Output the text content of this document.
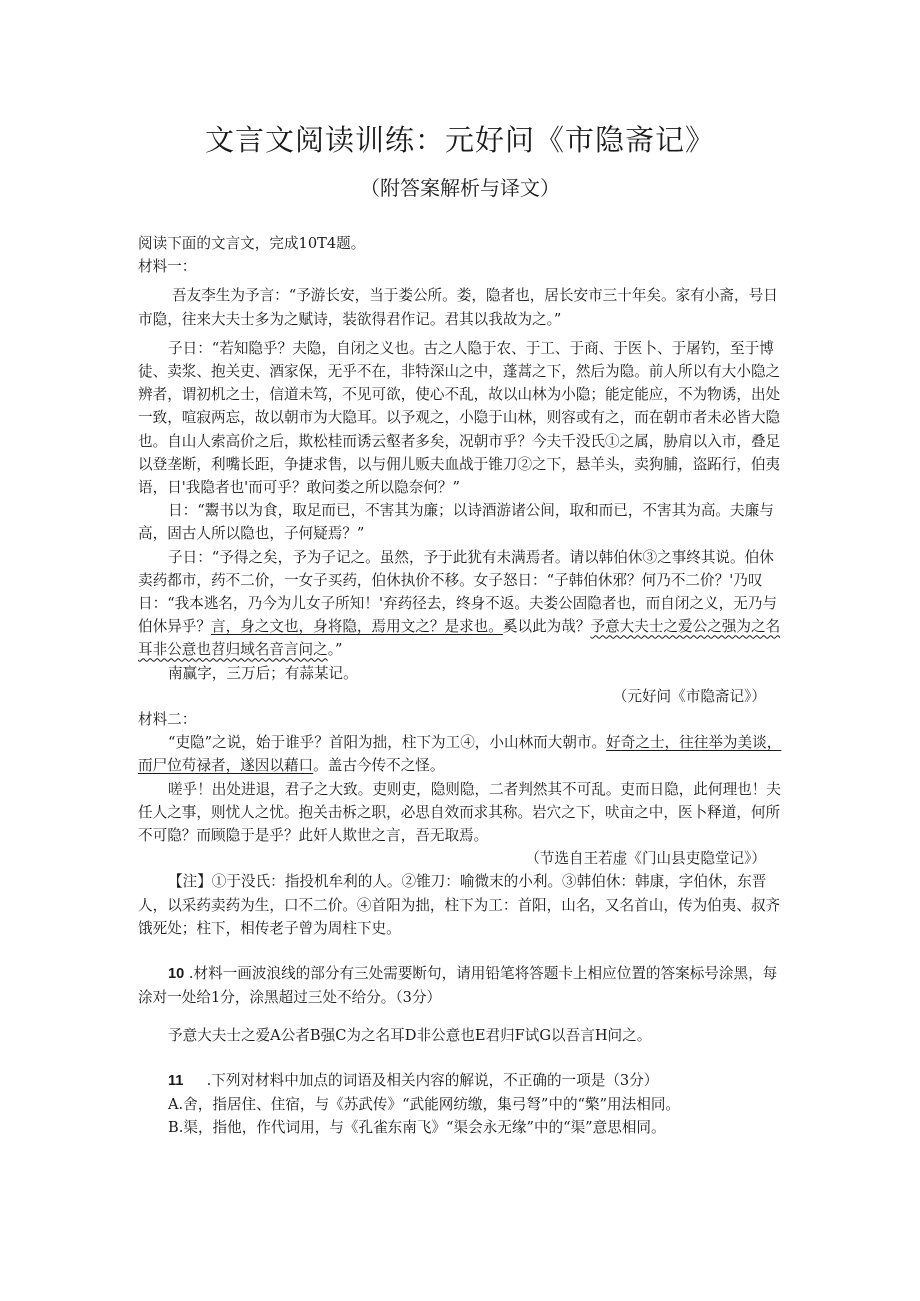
文言文阅读训练：元好问《市隐斋记》
（附答案解析与译文）

阅读下面的文言文，完成10T4题。

材料一：

吾友李生为予言：“予游长安，当于娄公所。娄，隐者也，居长安市三十年矣。家有小斋，号日市隐，往来大夫士多为之赋诗，装欲得君作记。君其以我故为之。”

子日：“若知隐乎？夫隐，自闭之义也。古之人隐于农、于工、于商、于医卜、于屠钓，至于博徒、卖浆、抱关吏、酒家保，无乎不在，非特深山之中，蓬蒿之下，然后为隐。前人所以有大小隐之辨者，谓初机之士，信道未笃，不见可欲，使心不乱，故以山林为小隐；能定能应，不为物诱，出处一致，喧寂两忘，故以朝市为大隐耳。以予观之，小隐于山林，则容或有之，而在朝市者未必皆大隐也。自山人索高价之后，欺松桂而诱云壑者多矣，况朝市乎？今夫千没氏①之属，胁肩以入市，叠足以登垄断，利嘴长距，争捷求售，以与佣儿贩夫血战于锥刀②之下，悬羊头，卖狗脯，盗跖行，伯夷语，日'我隐者也'而可乎？敢问娄之所以隐奈何？”

日：“鬻书以为食，取足而已，不害其为廉；以诗酒游诸公间，取和而已，不害其为高。夫廉与高，固古人所以隐也，子何疑焉？”

子日：“予得之矣，予为子记之。虽然，予于此犹有未满焉者。请以韩伯休③之事终其说。伯休卖药都市，药不二价，一女子买药，伯休执价不移。女子怒日：“子韩伯休邪？何乃不二价？'乃叹日：“我本逃名，乃今为儿女子所知！'弃药径去，终身不返。夫娄公固隐者也，而自闭之义，无乃与伯休异乎？言，身之文也，身将隐，焉用文之？是求也。奚以此为哉？予意大夫士之爱公之强为之名耳非公意也苕归域名音言问之。”

南赢字，三万后；有蒜某记。

（元好问《市隐斋记》）

材料二：

“吏隐”之说，始于谁乎？首阳为拙，柱下为工④，小山林而大朝市。好奇之士，往往举为美谈，而尸位苟禄者，遂因以藉口。盖古今传不之怪。

嗟乎！出处进退，君子之大致。吏则吏，隐则隐，二者判然其不可乱。吏而日隐，此何理也！夫任人之事，则忧人之忧。抱关击柝之职，必思自效而求其称。岩穴之下，吠亩之中，医卜释道，何所不可隐？而顾隐于是乎？此奸人欺世之言，吾无取焉。

（节选自王若虚《门山县吏隐堂记》）

【注】①于没氏：指投机牟利的人。②锥刀：喻微末的小利。③韩伯休：韩康，字伯休，东晋人，以采药卖药为生，口不二价。④首阳为拙，柱下为工：首阳，山名，又名首山，传为伯夷、叔齐饿死处；柱下，相传老子曾为周柱下史。

10 .材料一画波浪线的部分有三处需要断句，请用铅笔将答题卡上相应位置的答案标号涂黑，每涂对一处给1分，涂黑超过三处不给分。（3分）

予意大夫士之爱A公者B强C为之名耳D非公意也E君归F试G以吾言H问之。

11 .下列对材料中加点的词语及相关内容的解说，不正确的一项是（3分）

A.舍，指居住、住宿，与《苏武传》“武能网纺缴，集弓弩”中的“檠”用法相同。

B.渠，指他，作代词用，与《孔雀东南飞》“渠会永无缘”中的“渠”意思相同。
